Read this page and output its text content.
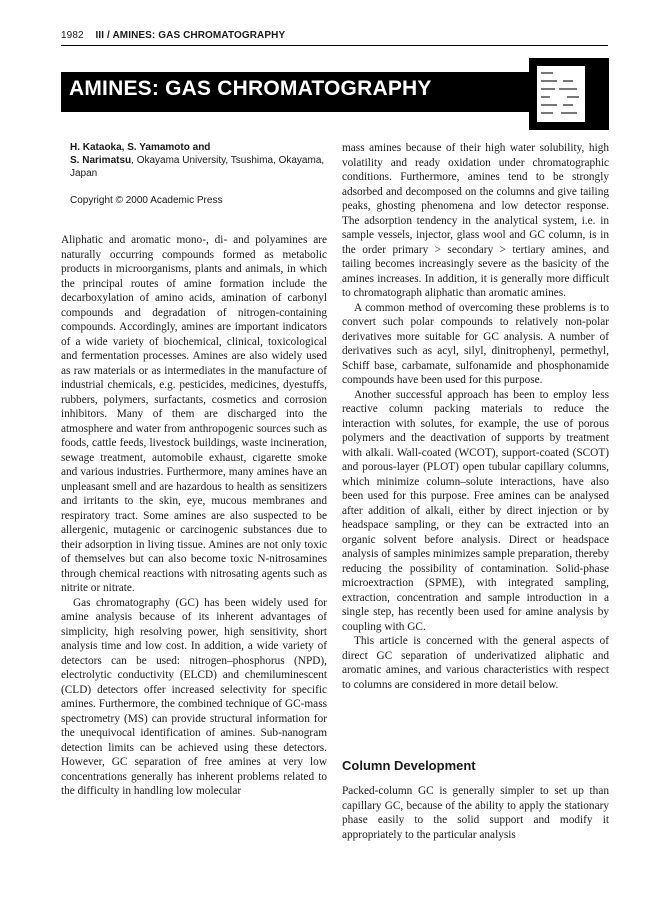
1982 III / AMINES: GAS CHROMATOGRAPHY
AMINES: GAS CHROMATOGRAPHY
H. Kataoka, S. Yamamoto and
S. Narimatsu, Okayama University, Tsushima, Okayama, Japan
Copyright © 2000 Academic Press

Aliphatic and aromatic mono-, di- and polyamines are naturally occurring compounds formed as metabolic products in microorganisms, plants and animals, in which the principal routes of amine formation include the decarboxylation of amino acids, amination of carbonyl compounds and degradation of nitrogen-containing compounds. Accordingly, amines are important indicators of a wide variety of biochemical, clinical, toxicological and fermentation processes. Amines are also widely used as raw materials or as intermediates in the manufacture of industrial chemicals, e.g. pesticides, medicines, dyestuffs, rubbers, polymers, surfactants, cosmetics and corrosion inhibitors. Many of them are discharged into the atmosphere and water from anthropogenic sources such as foods, cattle feeds, livestock buildings, waste incineration, sewage treatment, automobile exhaust, cigarette smoke and various industries. Furthermore, many amines have an unpleasant smell and are hazardous to health as sensitizers and irritants to the skin, eye, mucous membranes and respiratory tract. Some amines are also suspected to be allergenic, mutagenic or carcinogenic substances due to their adsorption in living tissue. Amines are not only toxic of themselves but can also become toxic N-nitrosamines through chemical reactions with nitrosating agents such as nitrite or nitrate.

Gas chromatography (GC) has been widely used for amine analysis because of its inherent advantages of simplicity, high resolving power, high sensitivity, short analysis time and low cost. In addition, a wide variety of detectors can be used: nitrogen–phosphorus (NPD), electrolytic conductivity (ELCD) and chemiluminescent (CLD) detectors offer increased selectivity for specific amines. Furthermore, the combined technique of GC-mass spectrometry (MS) can provide structural information for the unequivocal identification of amines. Sub-nanogram detection limits can be achieved using these detectors. However, GC separation of free amines at very low concentrations generally has inherent problems related to the difficulty in handling low molecular

mass amines because of their high water solubility, high volatility and ready oxidation under chromatographic conditions. Furthermore, amines tend to be strongly adsorbed and decomposed on the columns and give tailing peaks, ghosting phenomena and low detector response. The adsorption tendency in the analytical system, i.e. in sample vessels, injector, glass wool and GC column, is in the order primary > secondary > tertiary amines, and tailing becomes increasingly severe as the basicity of the amines increases. In addition, it is generally more difficult to chromatograph aliphatic than aromatic amines.

A common method of overcoming these problems is to convert such polar compounds to relatively non-polar derivatives more suitable for GC analysis. A number of derivatives such as acyl, silyl, dinitrophenyl, permethyl, Schiff base, carbamate, sulfonamide and phosphonamide compounds have been used for this purpose.

Another successful approach has been to employ less reactive column packing materials to reduce the interaction with solutes, for example, the use of porous polymers and the deactivation of supports by treatment with alkali. Wall-coated (WCOT), support-coated (SCOT) and porous-layer (PLOT) open tubular capillary columns, which minimize column–solute interactions, have also been used for this purpose. Free amines can be analysed after addition of alkali, either by direct injection or by headspace sampling, or they can be extracted into an organic solvent before analysis. Direct or headspace analysis of samples minimizes sample preparation, thereby reducing the possibility of contamination. Solid-phase microextraction (SPME), with integrated sampling, extraction, concentration and sample introduction in a single step, has recently been used for amine analysis by coupling with GC.

This article is concerned with the general aspects of direct GC separation of underivatized aliphatic and aromatic amines, and various characteristics with respect to columns are considered in more detail below.

Column Development

Packed-column GC is generally simpler to set up than capillary GC, because of the ability to apply the stationary phase easily to the solid support and modify it appropriately to the particular analysis
